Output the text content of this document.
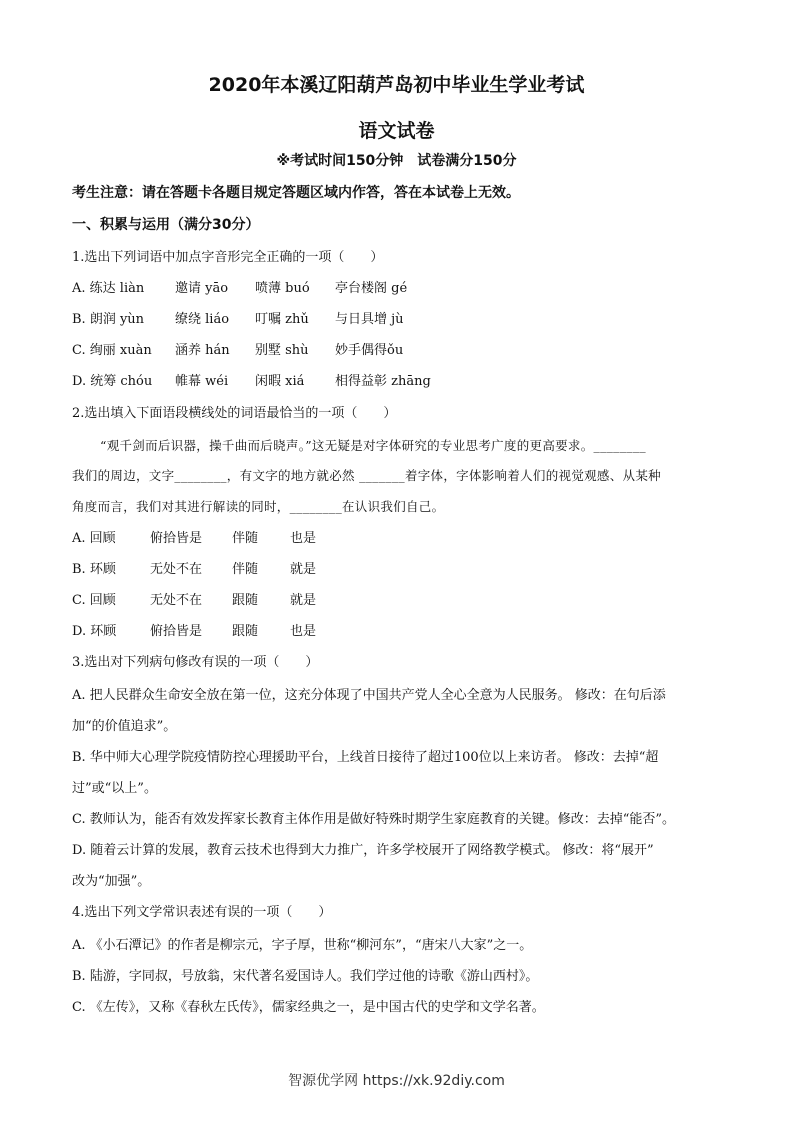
2020年本溪辽阳葫芦岛初中毕业生学业考试
语文试卷
※考试时间150分钟　试卷满分150分
考生注意：请在答题卡各题目规定答题区域内作答，答在本试卷上无效。
一、积累与运用（满分30分）
1.选出下列词语中加点字音形完全正确的一项（　　）
A. 练达 liàn 邀请 yāo 喷薄 buó 亭台楼阁 gé
B. 朗润 yùn 缭绕 liáo 叮嘱 zhǔ 与日具增 jù
C. 绚丽 xuàn 涵养 hán 别墅 shù 妙手偶得ǒu
D. 统筹 chóu 帷幕 wéi 闲暇 xiá 相得益彰 zhāng
2.选出填入下面语段横线处的词语最恰当的一项（　　）
“观千剑而后识器，操千曲而后晓声。”这无疑是对字体研究的专业思考广度的更高要求。________
我们的周边，文字________，有文字的地方就必然 _______着字体，字体影响着人们的视觉观感、从某种
角度而言，我们对其进行解读的同时，________在认识我们自己。
A. 回顾	俯拾皆是 伴随 也是
B. 环顾	无处不在 伴随 就是
C. 回顾	无处不在 跟随 就是
D. 环顾	俯拾皆是 跟随 也是
3.选出对下列病句修改有误的一项（　　）
A. 把人民群众生命安全放在第一位，这充分体现了中国共产党人全心全意为人民服务。 修改：在句后添
加“的价值追求”。
B. 华中师大心理学院疫情防控心理援助平台，上线首日接待了超过100位以上来访者。 修改：去掉“超
过”或“以上”。
C. 教师认为，能否有效发挥家长教育主体作用是做好特殊时期学生家庭教育的关键。修改：去掉“能否”。
D. 随着云计算的发展，教育云技术也得到大力推广，许多学校展开了网络教学模式。 修改：将“展开”
改为“加强”。
4.选出下列文学常识表述有误的一项（　　）
A. 《小石潭记》的作者是柳宗元，字子厚，世称“柳河东”，“唐宋八大家”之一。
B. 陆游，字同叔，号放翁，宋代著名爱国诗人。我们学过他的诗歌《游山西村》。
C. 《左传》，又称《春秋左氏传》，儒家经典之一，是中国古代的史学和文学名著。
智源优学网 https://xk.92diy.com
